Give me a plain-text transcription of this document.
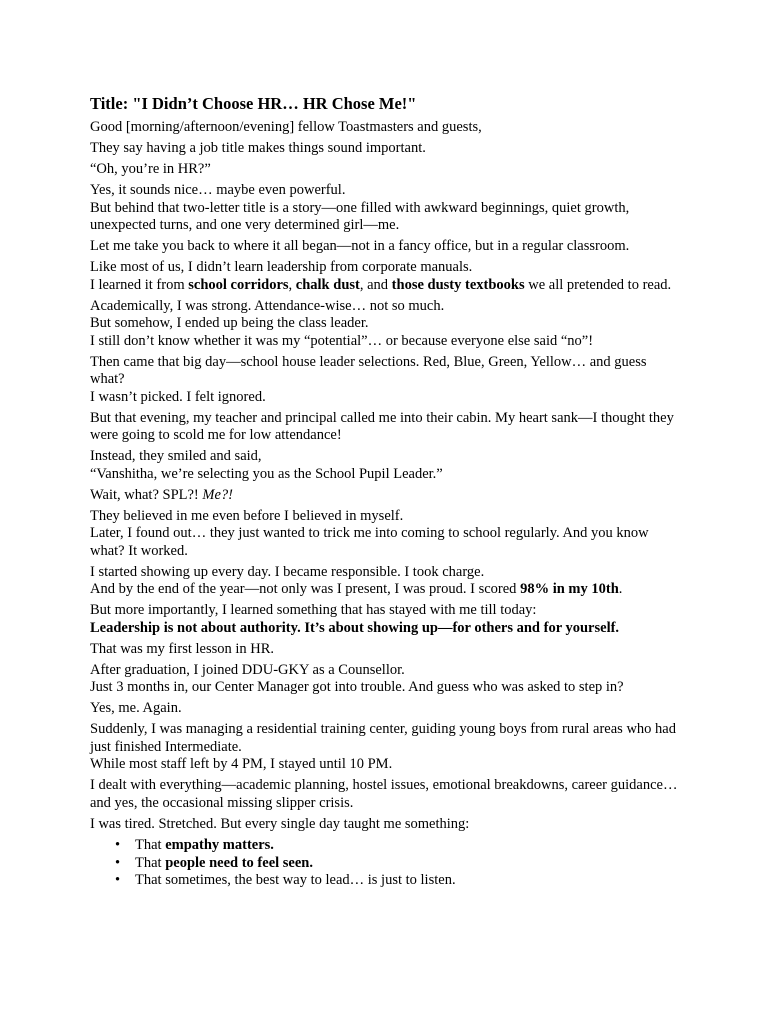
Title: "I Didn’t Choose HR… HR Chose Me!"
Good [morning/afternoon/evening] fellow Toastmasters and guests,
They say having a job title makes things sound important.
“Oh, you’re in HR?”
Yes, it sounds nice… maybe even powerful.
But behind that two-letter title is a story—one filled with awkward beginnings, quiet growth, unexpected turns, and one very determined girl—me.
Let me take you back to where it all began—not in a fancy office, but in a regular classroom.
Like most of us, I didn’t learn leadership from corporate manuals.
I learned it from school corridors, chalk dust, and those dusty textbooks we all pretended to read.
Academically, I was strong. Attendance-wise… not so much.
But somehow, I ended up being the class leader.
I still don’t know whether it was my “potential”… or because everyone else said “no”!
Then came that big day—school house leader selections. Red, Blue, Green, Yellow… and guess what?
I wasn’t picked. I felt ignored.
But that evening, my teacher and principal called me into their cabin. My heart sank—I thought they were going to scold me for low attendance!
Instead, they smiled and said,
“Vanshitha, we’re selecting you as the School Pupil Leader.”
Wait, what? SPL?! Me?!
They believed in me even before I believed in myself.
Later, I found out… they just wanted to trick me into coming to school regularly. And you know what? It worked.
I started showing up every day. I became responsible. I took charge.
And by the end of the year—not only was I present, I was proud. I scored 98% in my 10th.
But more importantly, I learned something that has stayed with me till today:
Leadership is not about authority. It’s about showing up—for others and for yourself.
That was my first lesson in HR.
After graduation, I joined DDU-GKY as a Counsellor.
Just 3 months in, our Center Manager got into trouble. And guess who was asked to step in?
Yes, me. Again.
Suddenly, I was managing a residential training center, guiding young boys from rural areas who had just finished Intermediate.
While most staff left by 4 PM, I stayed until 10 PM.
I dealt with everything—academic planning, hostel issues, emotional breakdowns, career guidance… and yes, the occasional missing slipper crisis.
I was tired. Stretched. But every single day taught me something:
• That empathy matters.
• That people need to feel seen.
• That sometimes, the best way to lead… is just to listen.
